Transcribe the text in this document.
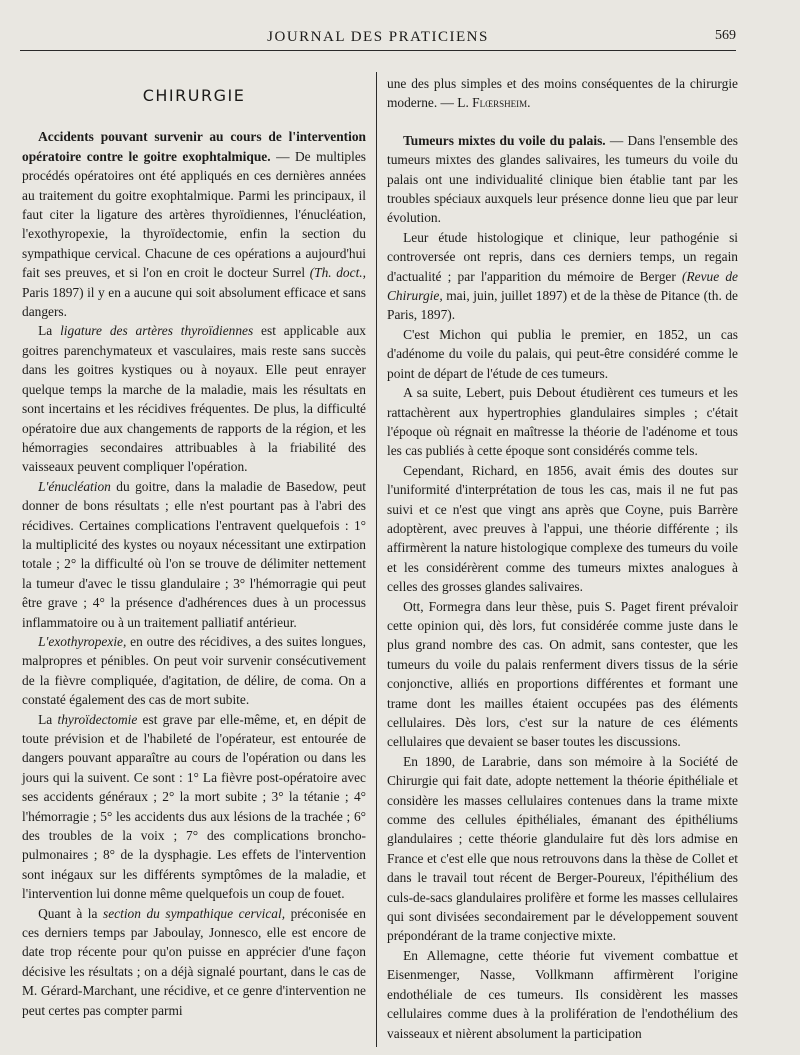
JOURNAL DES PRATICIENS	569
CHIRURGIE

Accidents pouvant survenir au cours de l'intervention opératoire contre le goitre exophtalmique. — De multiples procédés opératoires ont été appliqués en ces dernières années au traitement du goitre exophtalmique. Parmi les principaux, il faut citer la ligature des artères thyroïdiennes, l'énucléation, l'exothyropexie, la thyroïdectomie, enfin la section du sympathique cervical. Chacune de ces opérations a aujourd'hui fait ses preuves, et si l'on en croit le docteur Surrel (Th. doct., Paris 1897) il y en a aucune qui soit absolument efficace et sans dangers.

La ligature des artères thyroïdiennes est applicable aux goitres parenchymateux et vasculaires, mais reste sans succès dans les goitres kystiques ou à noyaux. Elle peut enrayer quelque temps la marche de la maladie, mais les résultats en sont incertains et les récidives fréquentes. De plus, la difficulté opératoire due aux changements de rapports de la région, et les hémorragies secondaires attribuables à la friabilité des vaisseaux peuvent compliquer l'opération.

L'énucléation du goitre, dans la maladie de Basedow, peut donner de bons résultats ; elle n'est pourtant pas à l'abri des récidives. Certaines complications l'entravent quelquefois : 1° la multiplicité des kystes ou noyaux nécessitant une extirpation totale ; 2° la difficulté où l'on se trouve de délimiter nettement la tumeur d'avec le tissu glandulaire ; 3° l'hémorragie qui peut être grave ; 4° la présence d'adhérences dues à un processus inflammatoire ou à un traitement palliatif antérieur.

L'exothyropexie, en outre des récidives, a des suites longues, malpropres et pénibles. On peut voir survenir consécutivement de la fièvre compliquée, d'agitation, de délire, de coma. On a constaté également des cas de mort subite.

La thyroïdectomie est grave par elle-même, et, en dépit de toute prévision et de l'habileté de l'opérateur, est entourée de dangers pouvant apparaître au cours de l'opération ou dans les jours qui la suivent. Ce sont : 1° La fièvre post-opératoire avec ses accidents généraux ; 2° la mort subite ; 3° la tétanie ; 4° l'hémorragie ; 5° les accidents dus aux lésions de la trachée ; 6° des troubles de la voix ; 7° des complications broncho-pulmonaires ; 8° de la dysphagie. Les effets de l'intervention sont inégaux sur les différents symptômes de la maladie, et l'intervention lui donne même quelquefois un coup de fouet.

Quant à la section du sympathique cervical, préconisée en ces derniers temps par Jaboulay, Jonnesco, elle est encore de date trop récente pour qu'on puisse en apprécier d'une façon décisive les résultats ; on a déjà signalé pourtant, dans le cas de M. Gérard-Marchant, une récidive, et ce genre d'intervention ne peut certes pas compter parmi

une des plus simples et des moins conséquentes de la chirurgie moderne. — L. Flœrsheim.

Tumeurs mixtes du voile du palais. — Dans l'ensemble des tumeurs mixtes des glandes salivaires, les tumeurs du voile du palais ont une individualité clinique bien établie tant par les troubles spéciaux auxquels leur présence donne lieu que par leur évolution.

Leur étude histologique et clinique, leur pathogénie si controversée ont repris, dans ces derniers temps, un regain d'actualité ; par l'apparition du mémoire de Berger (Revue de Chirurgie, mai, juin, juillet 1897) et de la thèse de Pitance (th. de Paris, 1897).

C'est Michon qui publia le premier, en 1852, un cas d'adénome du voile du palais, qui peut-être considéré comme le point de départ de l'étude de ces tumeurs.

A sa suite, Lebert, puis Debout étudièrent ces tumeurs et les rattachèrent aux hypertrophies glandulaires simples ; c'était l'époque où régnait en maîtresse la théorie de l'adénome et tous les cas publiés à cette époque sont considérés comme tels.

Cependant, Richard, en 1856, avait émis des doutes sur l'uniformité d'interprétation de tous les cas, mais il ne fut pas suivi et ce n'est que vingt ans après que Coyne, puis Barrère adoptèrent, avec preuves à l'appui, une théorie différente ; ils affirmèrent la nature histologique complexe des tumeurs du voile et les considérèrent comme des tumeurs mixtes analogues à celles des grosses glandes salivaires.

Ott, Formegra dans leur thèse, puis S. Paget firent prévaloir cette opinion qui, dès lors, fut considérée comme juste dans le plus grand nombre des cas. On admit, sans contester, que les tumeurs du voile du palais renferment divers tissus de la série conjonctive, alliés en proportions différentes et formant une trame dont les mailles étaient occupées pas des éléments cellulaires. Dès lors, c'est sur la nature de ces éléments cellulaires que devaient se baser toutes les discussions.

En 1890, de Larabrie, dans son mémoire à la Société de Chirurgie qui fait date, adopte nettement la théorie épithéliale et considère les masses cellulaires contenues dans la trame mixte comme des cellules épithéliales, émanant des épithéliums glandulaires ; cette théorie glandulaire fut dès lors admise en France et c'est elle que nous retrouvons dans la thèse de Collet et dans le travail tout récent de Berger-Poureux, l'épithélium des culs-de-sacs glandulaires prolifère et forme les masses cellulaires qui sont divisées secondairement par le développement souvent prépondérant de la trame conjective mixte.

En Allemagne, cette théorie fut vivement combattue et Eisenmenger, Nasse, Vollkmann affirmèrent l'origine endothéliale de ces tumeurs. Ils considèrent les masses cellulaires comme dues à la prolifération de l'endothélium des vaisseaux et nièrent absolument la participation
